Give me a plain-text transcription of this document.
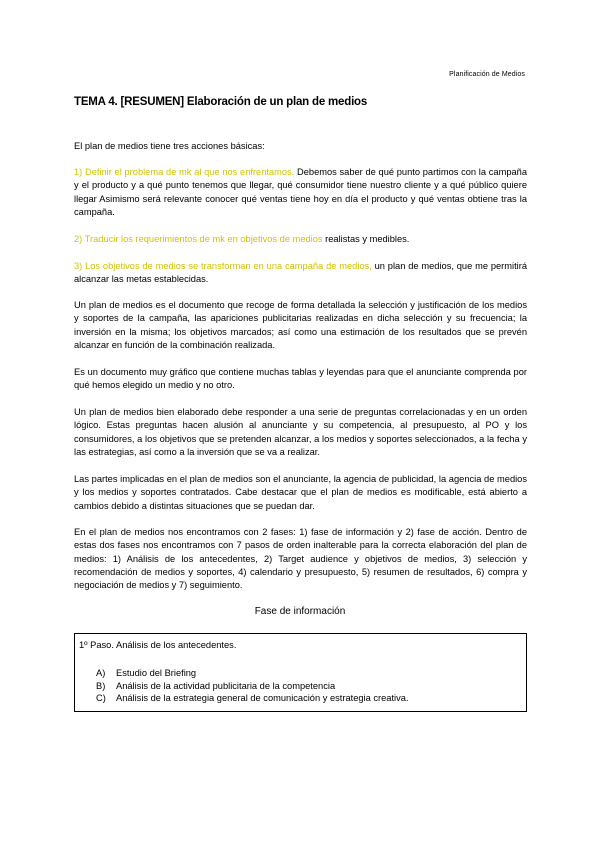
Planificación de Medios
TEMA 4. [RESUMEN] Elaboración de un plan de medios

El plan de medios tiene tres acciones básicas:

1) Definir el problema de mk al que nos enfrentamos. Debemos saber de qué punto partimos con la campaña y el producto y a qué punto tenemos que llegar, qué consumidor tiene nuestro cliente y a qué público quiere llegar Asimismo será relevante conocer qué ventas tiene hoy en día el producto y qué ventas obtiene tras la campaña.

2) Traducir los requerimientos de mk en objetivos de medios realistas y medibles.

3) Los objetivos de medios se transforman en una campaña de medios, un plan de medios, que me permitirá alcanzar las metas establecidas.

Un plan de medios es el documento que recoge de forma detallada la selección y justificación de los medios y soportes de la campaña, las apariciones publicitarias realizadas en dicha selección y su frecuencia; la inversión en la misma; los objetivos marcados; así como una estimación de los resultados que se prevén alcanzar en función de la combinación realizada.

Es un documento muy gráfico que contiene muchas tablas y leyendas para que el anunciante comprenda por qué hemos elegido un medio y no otro.

Un plan de medios bien elaborado debe responder a una serie de preguntas correlacionadas y en un orden lógico. Estas preguntas hacen alusión al anunciante y su competencia, al presupuesto, al PO y los consumidores, a los objetivos que se pretenden alcanzar, a los medios y soportes seleccionados, a la fecha y las estrategias, así como a la inversión que se va a realizar.

Las partes implicadas en el plan de medios son el anunciante, la agencia de publicidad, la agencia de medios y los medios y soportes contratados. Cabe destacar que el plan de medios es modificable, está abierto a cambios debido a distintas situaciones que se puedan dar.

En el plan de medios nos encontramos con 2 fases: 1) fase de información y 2) fase de acción. Dentro de estas dos fases nos encontramos con 7 pasos de orden inalterable para la correcta elaboración del plan de medios: 1) Análisis de los antecedentes, 2) Target audience y objetivos de medios, 3) selección y recomendación de medios y soportes, 4) calendario y presupuesto, 5) resumen de resultados, 6) compra y negociación de medios y 7) seguimiento.

Fase de información
1º Paso. Análisis de los antecedentes.
A)	Estudio del Briefing
B)	Análisis de la actividad publicitaria de la competencia
C)	Análisis de la estrategia general de comunicación y estrategia creativa.
